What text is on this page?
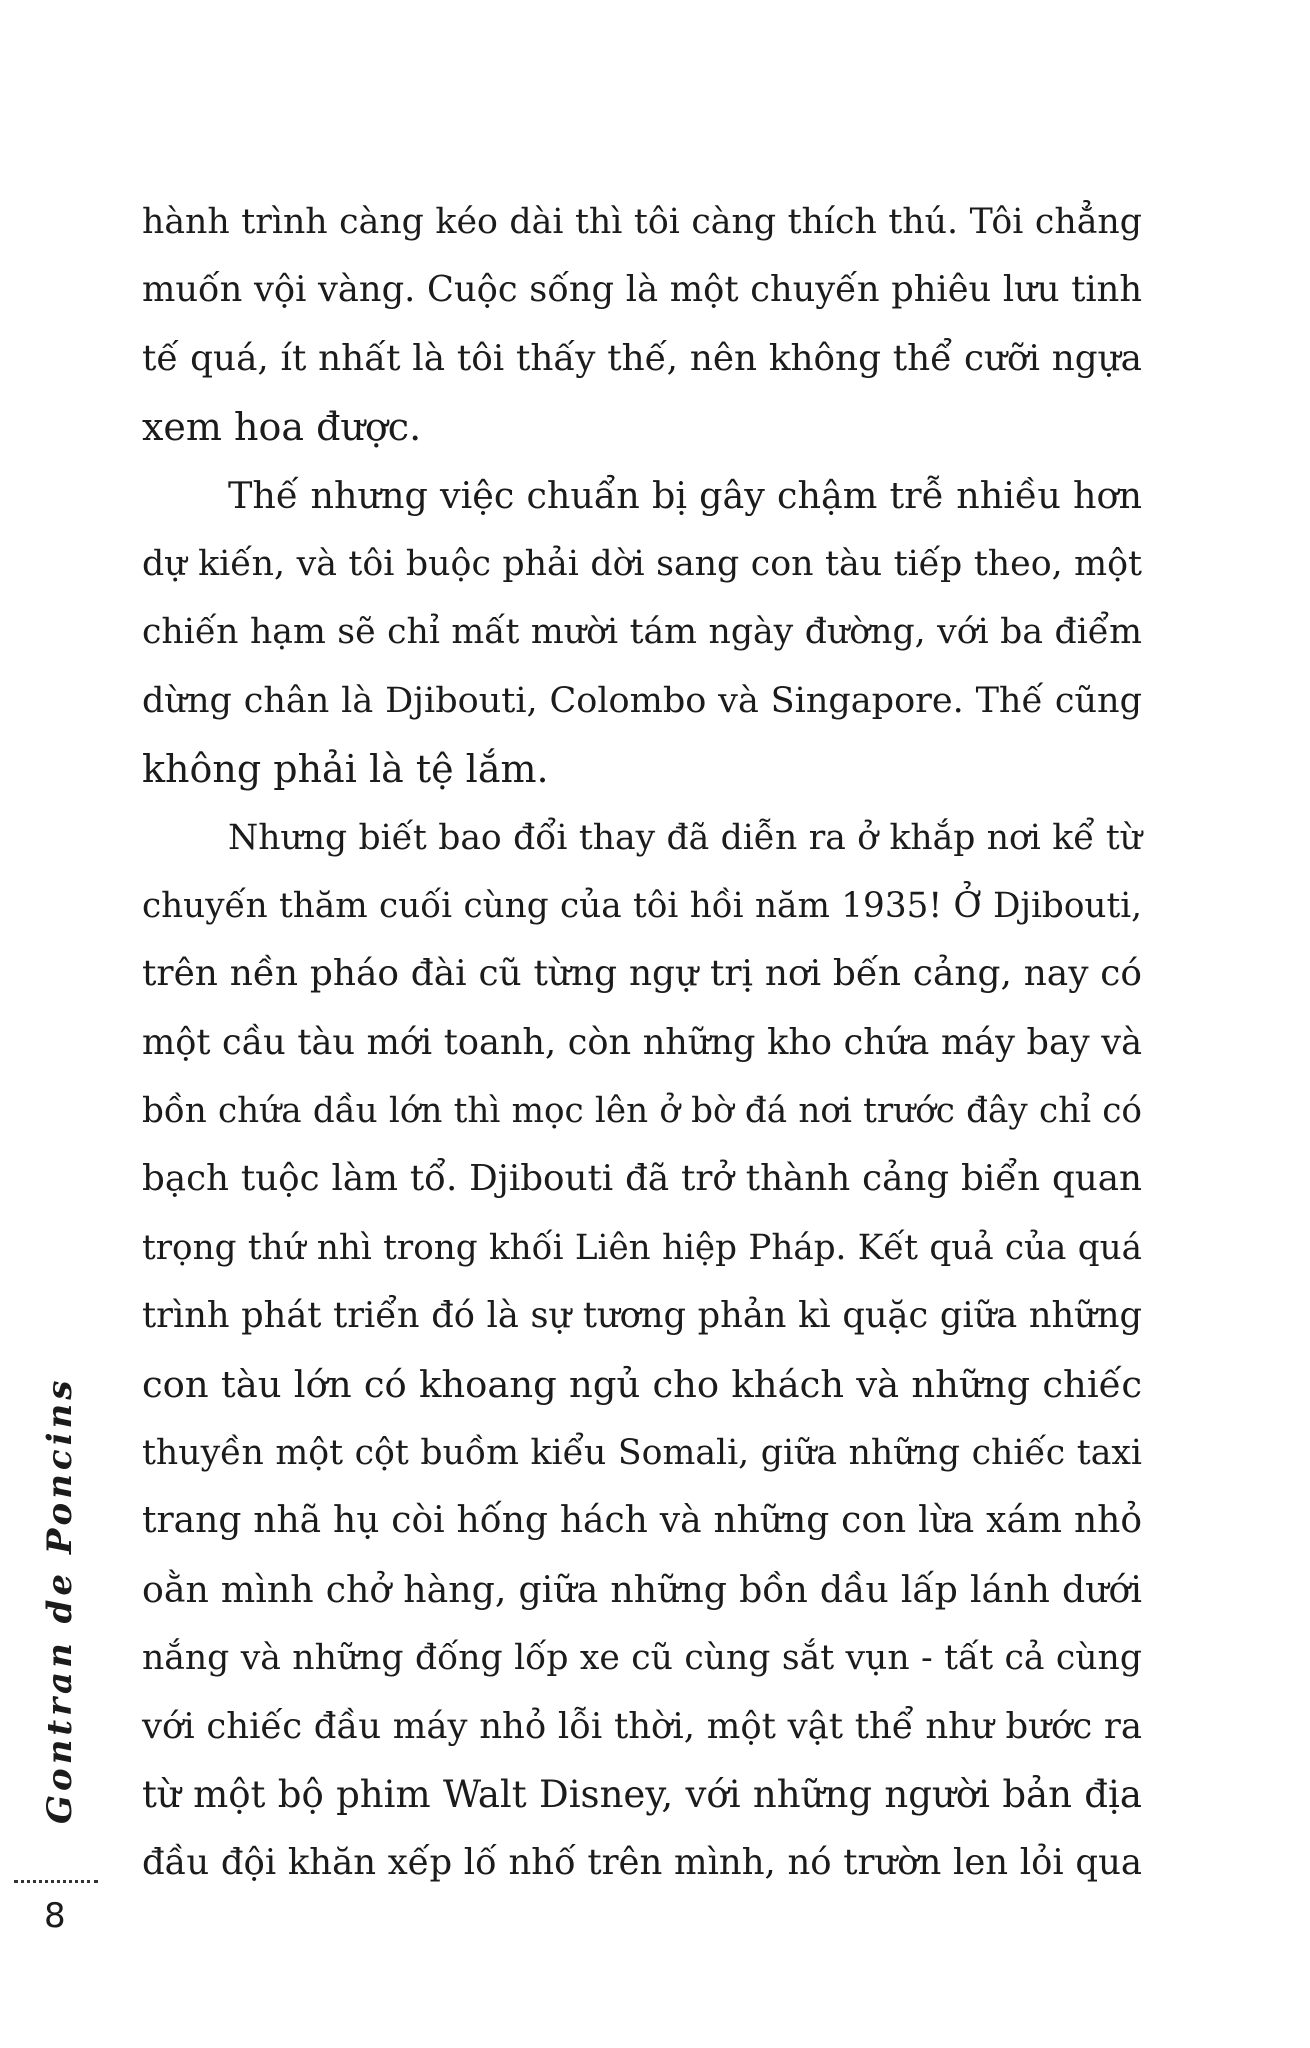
hành trình càng kéo dài thì tôi càng thích thú. Tôi chẳng
muốn vội vàng. Cuộc sống là một chuyến phiêu lưu tinh
tế quá, ít nhất là tôi thấy thế, nên không thể cưỡi ngựa
xem hoa được.
Thế nhưng việc chuẩn bị gây chậm trễ nhiều hơn
dự kiến, và tôi buộc phải dời sang con tàu tiếp theo, một
chiến hạm sẽ chỉ mất mười tám ngày đường, với ba điểm
dừng chân là Djibouti, Colombo và Singapore. Thế cũng
không phải là tệ lắm.
Nhưng biết bao đổi thay đã diễn ra ở khắp nơi kể từ
chuyến thăm cuối cùng của tôi hồi năm 1935! Ở Djibouti,
trên nền pháo đài cũ từng ngự trị nơi bến cảng, nay có
một cầu tàu mới toanh, còn những kho chứa máy bay và
bồn chứa dầu lớn thì mọc lên ở bờ đá nơi trước đây chỉ có
bạch tuộc làm tổ. Djibouti đã trở thành cảng biển quan
trọng thứ nhì trong khối Liên hiệp Pháp. Kết quả của quá
trình phát triển đó là sự tương phản kì quặc giữa những
con tàu lớn có khoang ngủ cho khách và những chiếc
thuyền một cột buồm kiểu Somali, giữa những chiếc taxi
trang nhã hụ còi hống hách và những con lừa xám nhỏ
oằn mình chở hàng, giữa những bồn dầu lấp lánh dưới
nắng và những đống lốp xe cũ cùng sắt vụn - tất cả cùng
với chiếc đầu máy nhỏ lỗi thời, một vật thể như bước ra
từ một bộ phim Walt Disney, với những người bản địa
đầu đội khăn xếp lố nhố trên mình, nó trườn len lỏi qua
Gontran de Poncins
8
